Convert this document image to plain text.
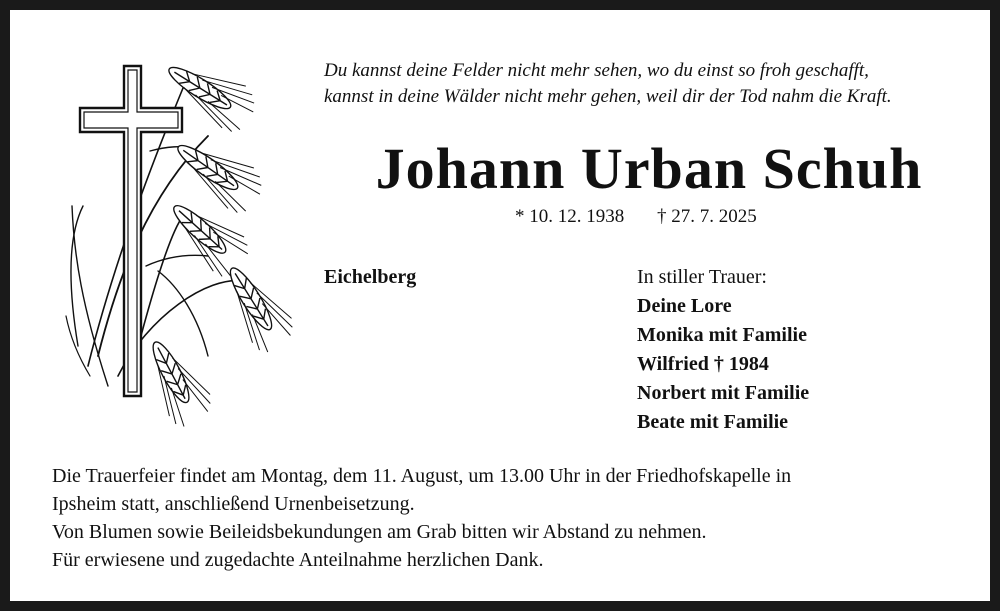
Du kannst deine Felder nicht mehr sehen, wo du einst so froh geschafft,
kannst in deine Wälder nicht mehr gehen, weil dir der Tod nahm die Kraft.
Johann Urban Schuh
* 10. 12. 1938 † 27. 7. 2025
Eichelberg	In stiller Trauer:
Deine Lore
Monika mit Familie
Wilfried † 1984
Norbert mit Familie
Beate mit Familie
Die Trauerfeier findet am Montag, dem 11. August, um 13.00 Uhr in der Friedhofskapelle in
Ipsheim statt, anschließend Urnenbeisetzung.
Von Blumen sowie Beileidsbekundungen am Grab bitten wir Abstand zu nehmen.
Für erwiesene und zugedachte Anteilnahme herzlichen Dank.
